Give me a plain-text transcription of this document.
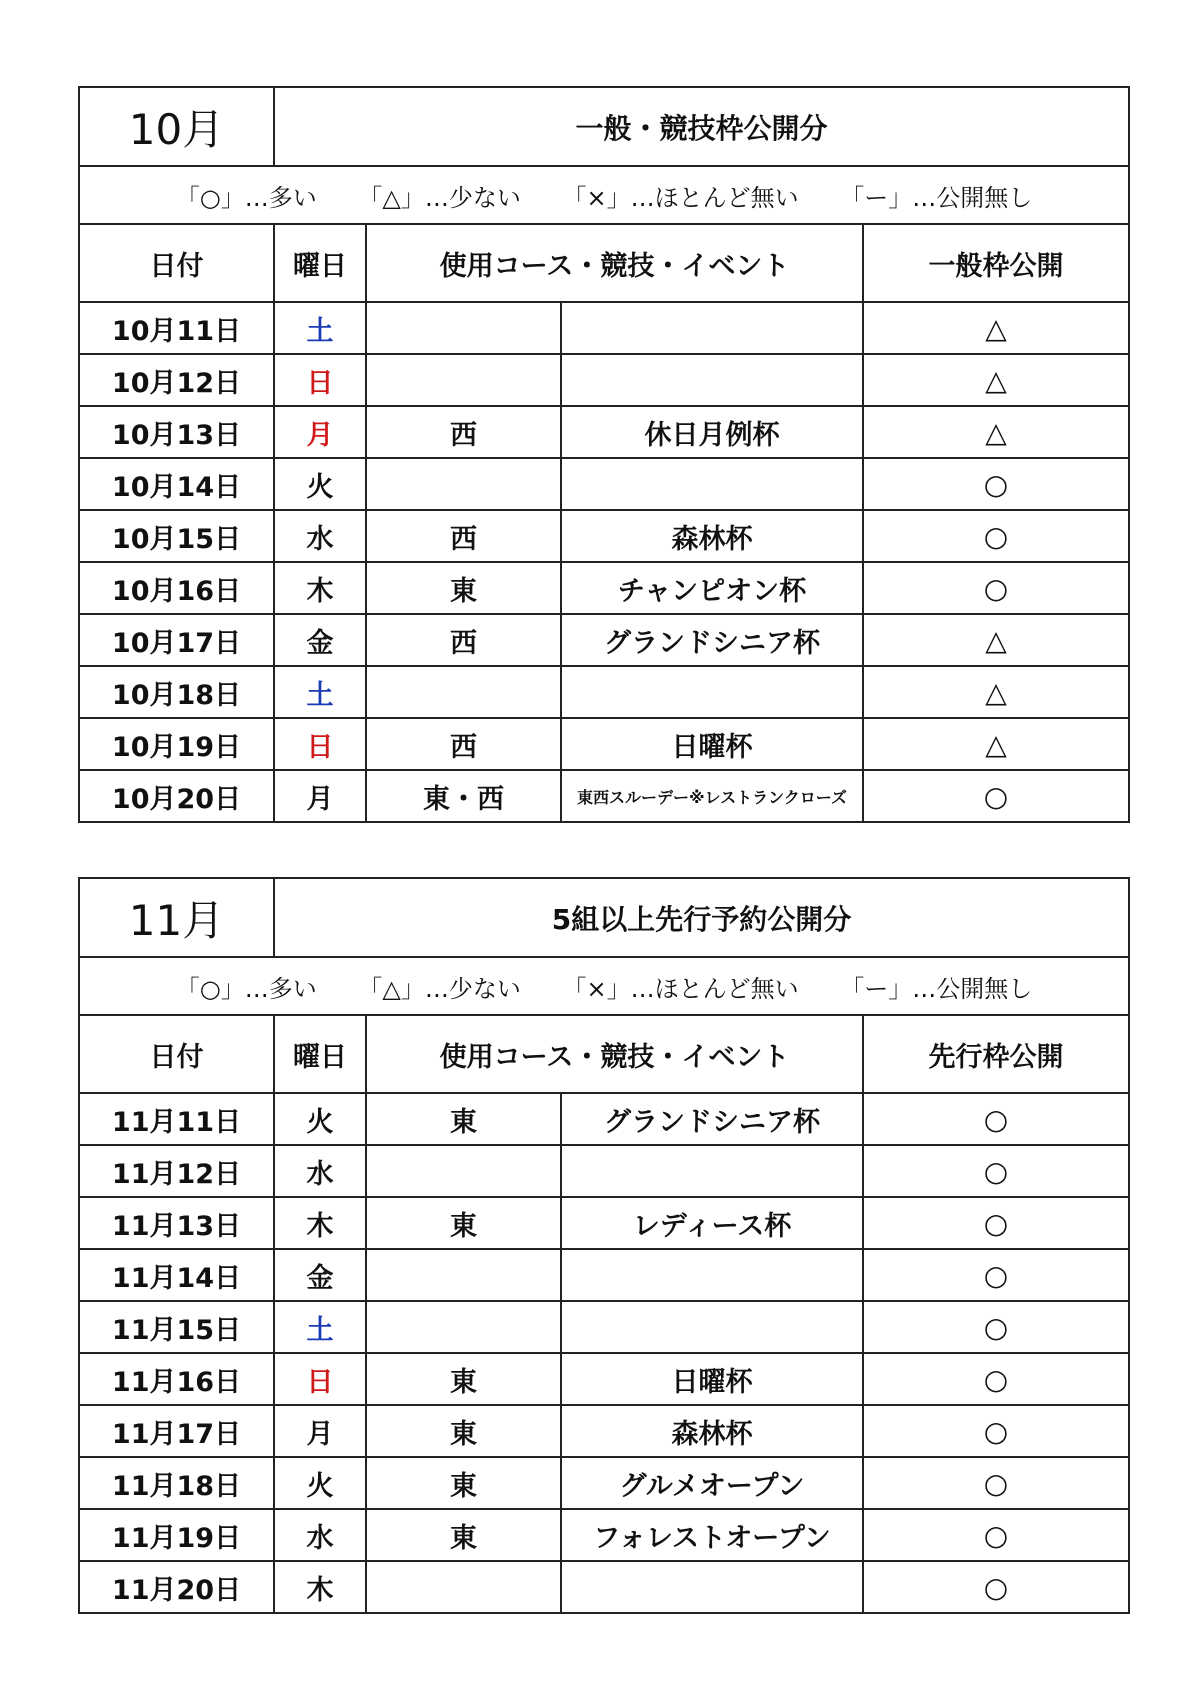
10月	一般・競技枠公開分			
「○」…多い 「△」…少ない 「×」…ほとんど無い 「ー」…公開無し				
日付	曜日	使用コース・競技・イベント		一般枠公開
10月11日	土			△
10月12日	日			△
10月13日	月	西	休日月例杯	△
10月14日	火			○
10月15日	水	西	森林杯	○
10月16日	木	東	チャンピオン杯	○
10月17日	金	西	グランドシニア杯	△
10月18日	土			△
10月19日	日	西	日曜杯	△
10月20日	月	東・西	東西スルーデー※レストランクローズ	○
11月	5組以上先行予約公開分			
「○」…多い 「△」…少ない 「×」…ほとんど無い 「ー」…公開無し				
日付	曜日	使用コース・競技・イベント		先行枠公開
11月11日	火	東	グランドシニア杯	○
11月12日	水			○
11月13日	木	東	レディース杯	○
11月14日	金			○
11月15日	土			○
11月16日	日	東	日曜杯	○
11月17日	月	東	森林杯	○
11月18日	火	東	グルメオープン	○
11月19日	水	東	フォレストオープン	○
11月20日	木			○
